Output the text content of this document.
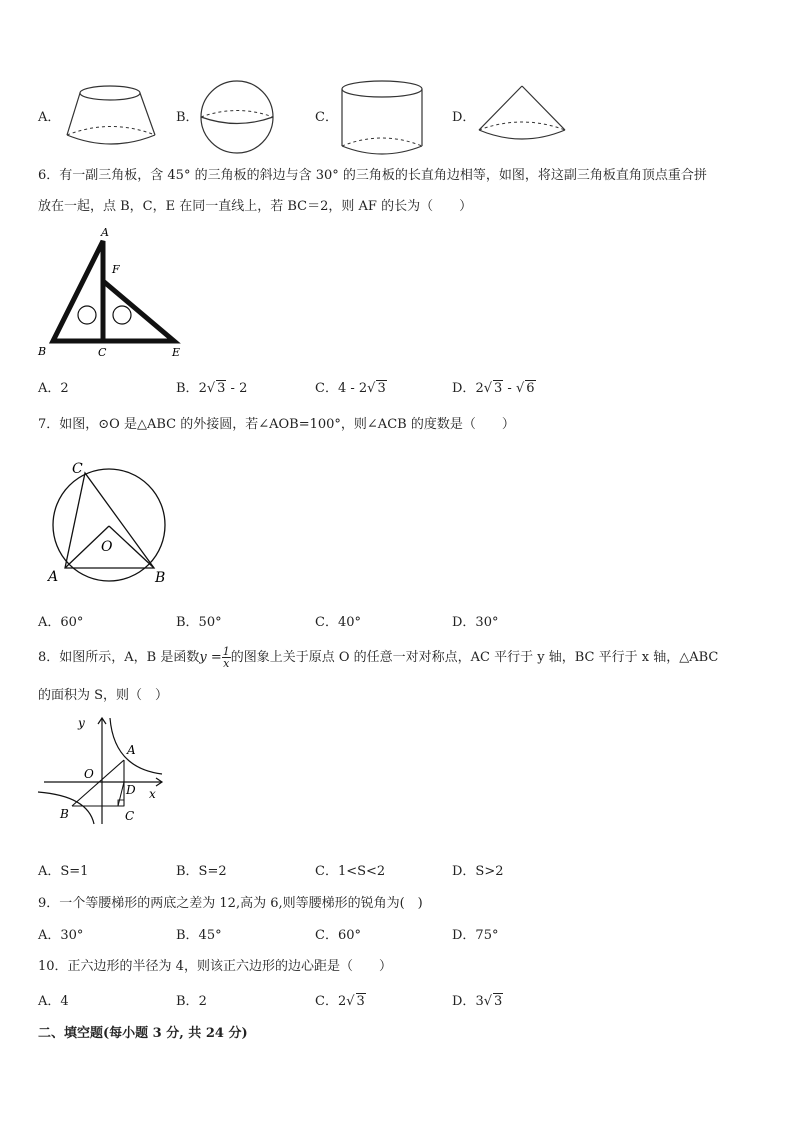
A．	B．	C．	D．
6．有一副三角板，含 45° 的三角板的斜边与含 30° 的三角板的长直角边相等，如图，将这副三角板直角顶点重合拼
放在一起，点 B，C，E 在同一直线上，若 BC＝2，则 AF 的长为（　　）
A
F
B	C	E
A．2	B．2√ 3 - 2	C．4 - 2√ 3	D．2√ 3 - √ 6
7．如图，⊙O 是△ABC 的外接圆，若∠AOB=100°，则∠ACB 的度数是（　　）
C
O
A	B
A．60°	B．50°	C．40°	D．30°
8．如图所示，A，B 是函数$y = \frac{1}{x}$ 的图象上关于原点 O 的任意一对对称点，AC 平行于 y 轴，BC 平行于 x 轴，△ABC
的面积为 S，则（　）
y
x
O
A
D
B	C
A．S=1	B．S=2	C．1<S<2	D．S>2
9．一个等腰梯形的两底之差为 12,高为 6,则等腰梯形的锐角为(　)
A．30°	B．45°	C．60°	D．75°
10．正六边形的半径为 4，则该正六边形的边心距是（　　）
A．4	B．2	C．2√ 3	D．3√ 3
二、填空题(每小题 3 分, 共 24 分)
